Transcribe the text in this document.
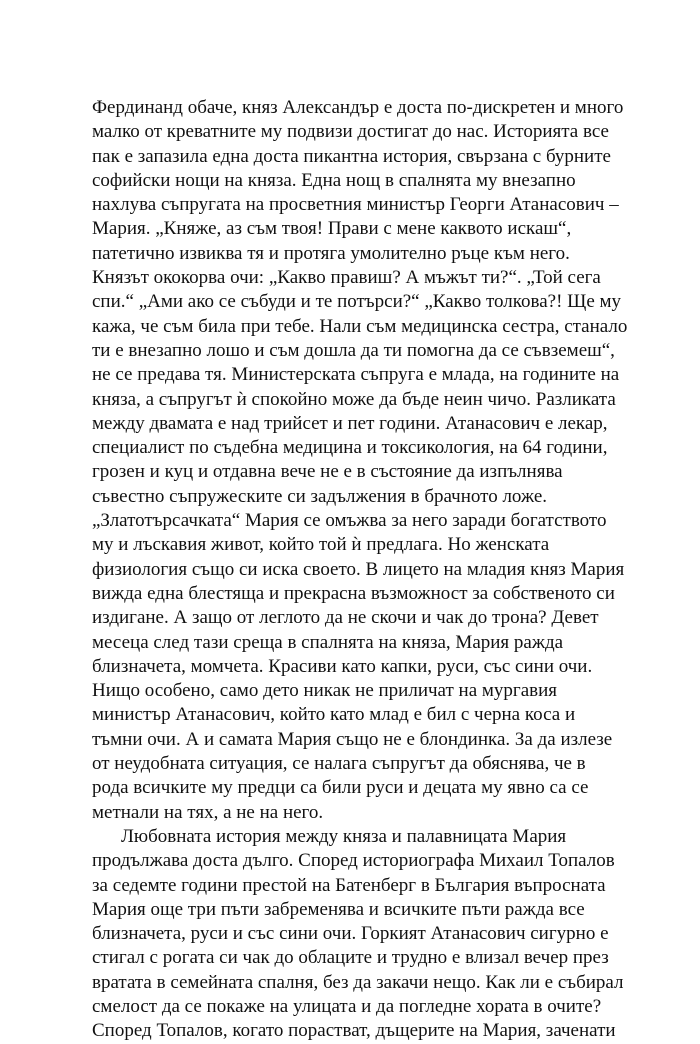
Фердинанд обаче, княз Александър е доста по-дискретен и много
малко от креватните му подвизи достигат до нас. Историята все
пак е запазила една доста пикантна история, свързана с бурните
софийски нощи на княза. Една нощ в спалнята му внезапно
нахлува съпругата на просветния министър Георги Атанасович –
Мария. „Княже, аз съм твоя! Прави с мене каквото искаш“,
патетично извиква тя и протяга умолително ръце към него.
Князът ококорва очи: „Какво правиш? А мъжът ти?“. „Той сега
спи.“ „Ами ако се събуди и те потърси?“ „Какво толкова?! Ще му
кажа, че съм била при тебе. Нали съм медицинска сестра, станало
ти е внезапно лошо и съм дошла да ти помогна да се съвземеш“,
не се предава тя. Министерската съпруга е млада, на годините на
княза, а съпругът ѝ спокойно може да бъде неин чичо. Разликата
между двамата е над трийсет и пет години. Атанасович е лекар,
специалист по съдебна медицина и токсикология, на 64 години,
грозен и куц и отдавна вече не е в състояние да изпълнява
съвестно съпружеските си задължения в брачното ложе.
„Златотърсачката“ Мария се омъжва за него заради богатството
му и лъскавия живот, който той ѝ предлага. Но женската
физиология също си иска своето. В лицето на младия княз Мария
вижда една блестяща и прекрасна възможност за собственото си
издигане. А защо от леглото да не скочи и чак до трона? Девет
месеца след тази среща в спалнята на княза, Мария ражда
близначета, момчета. Красиви като капки, руси, със сини очи.
Нищо особено, само дето никак не приличат на мургавия
министър Атанасович, който като млад е бил с черна коса и
тъмни очи. А и самата Мария също не е блондинка. За да излезе
от неудобната ситуация, се налага съпругът да обяснява, че в
рода всичките му предци са били руси и децата му явно са се
метнали на тях, а не на него.
Любовната история между княза и палавницата Мария
продължава доста дълго. Според историографа Михаил Топалов
за седемте години престой на Батенберг в България въпросната
Мария още три пъти забременява и всичките пъти ражда все
близначета, руси и със сини очи. Горкият Атанасович сигурно е
стигал с рогата си чак до облаците и трудно е влизал вечер през
вратата в семейната спалня, без да закачи нещо. Как ли е събирал
смелост да се покаже на улицата и да погледне хората в очите?
Според Топалов, когато порастват, дъщерите на Мария, заченати
